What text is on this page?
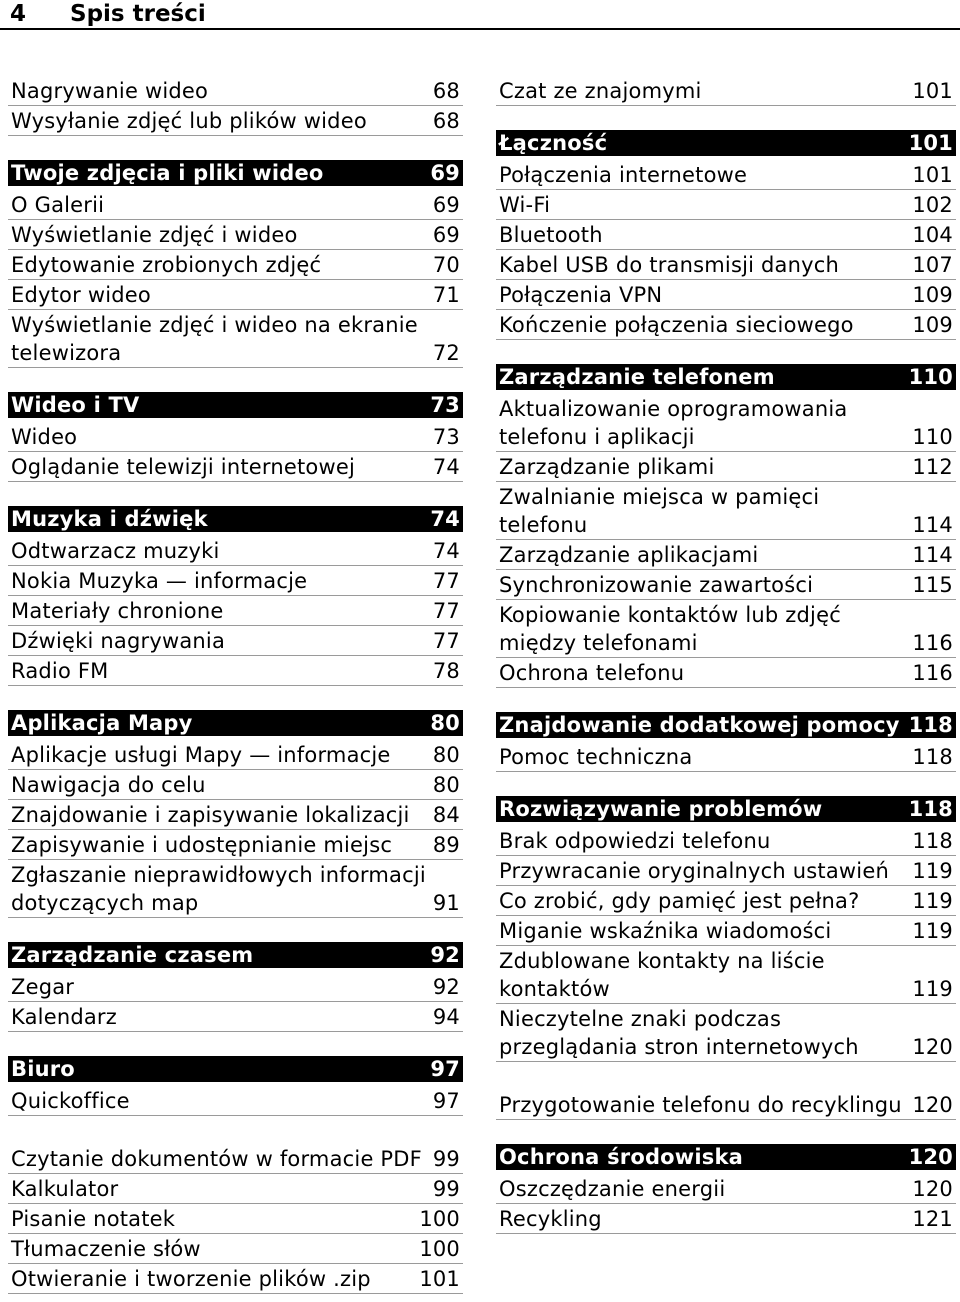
4 Spis treści
Nagrywanie wideo	68
Wysyłanie zdjęć lub plików wideo	68
Twoje zdjęcia i pliki wideo	69
O Galerii	69
Wyświetlanie zdjęć i wideo	69
Edytowanie zrobionych zdjęć	70
Edytor wideo	71
Wyświetlanie zdjęć i wideo na ekranie telewizora	72
Wideo i TV	73
Wideo	73
Oglądanie telewizji internetowej	74
Muzyka i dźwięk	74
Odtwarzacz muzyki	74
Nokia Muzyka — informacje	77
Materiały chronione	77
Dźwięki nagrywania	77
Radio FM	78
Aplikacja Mapy	80
Aplikacje usługi Mapy — informacje	80
Nawigacja do celu	80
Znajdowanie i zapisywanie lokalizacji	84
Zapisywanie i udostępnianie miejsc	89
Zgłaszanie nieprawidłowych informacji dotyczących map	91
Zarządzanie czasem	92
Zegar	92
Kalendarz	94
Biuro	97
Quickoffice	97
Czytanie dokumentów w formacie PDF 99
Kalkulator	99
Pisanie notatek	100
Tłumaczenie słów	100
Otwieranie i tworzenie plików .zip	101
Czat ze znajomymi	101
Łączność	101
Połączenia internetowe	101
Wi-Fi	102
Bluetooth	104
Kabel USB do transmisji danych	107
Połączenia VPN	109
Kończenie połączenia sieciowego	109
Zarządzanie telefonem	110
Aktualizowanie oprogramowania telefonu i aplikacji	110
Zarządzanie plikami	112
Zwalnianie miejsca w pamięci telefonu	114
Zarządzanie aplikacjami	114
Synchronizowanie zawartości	115
Kopiowanie kontaktów lub zdjęć między telefonami	116
Ochrona telefonu	116
Znajdowanie dodatkowej pomocy 118
Pomoc techniczna	118
Rozwiązywanie problemów	118
Brak odpowiedzi telefonu	118
Przywracanie oryginalnych ustawień	119
Co zrobić, gdy pamięć jest pełna?	119
Miganie wskaźnika wiadomości	119
Zdublowane kontakty na liście kontaktów	119
Nieczytelne znaki podczas przeglądania stron internetowych	120
Przygotowanie telefonu do recyklingu 120
Ochrona środowiska	120
Oszczędzanie energii	120
Recykling	121
